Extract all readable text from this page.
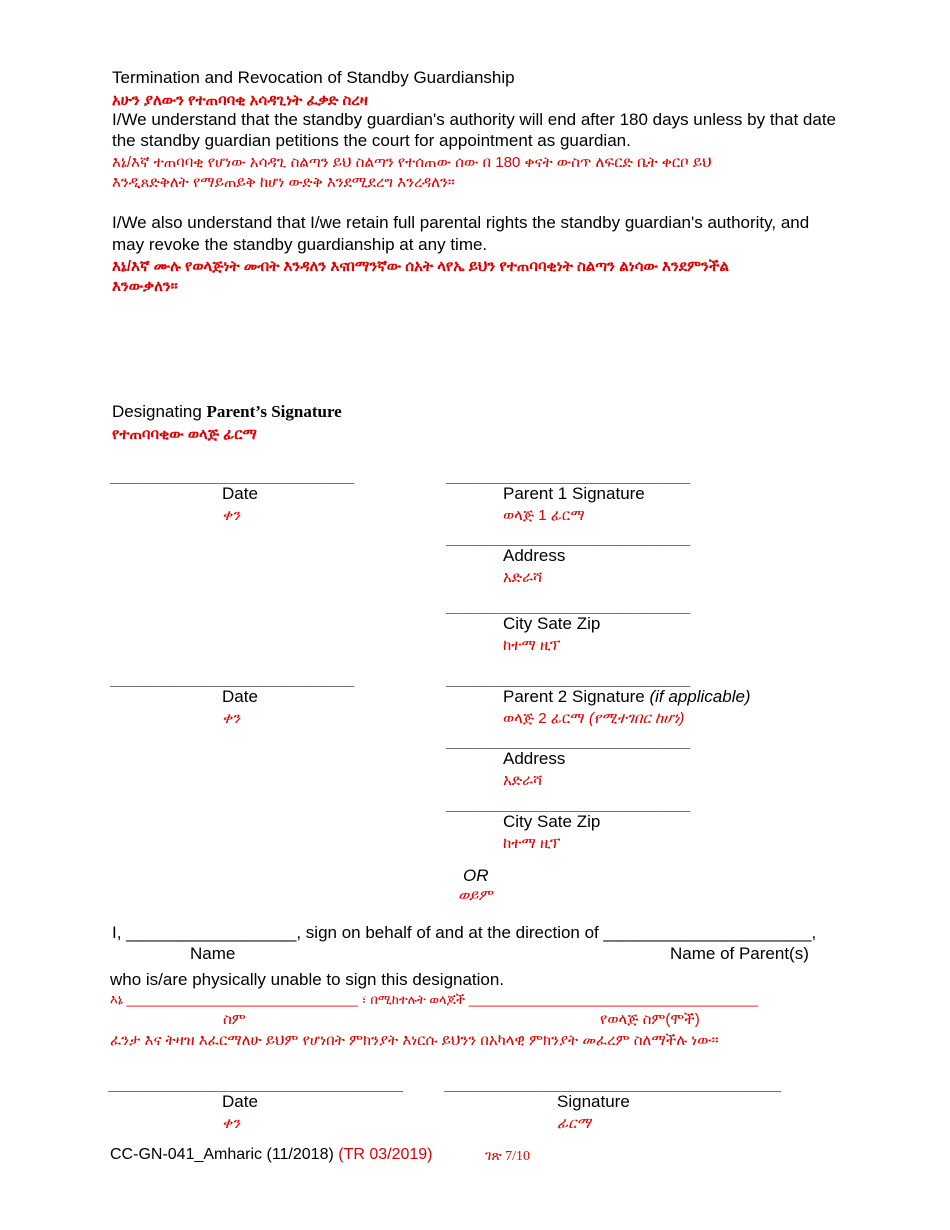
Termination and Revocation of Standby Guardianship
አሁን ያለውን የተጠባባቂ አሳዳጊነት ፈቃድ ስረዛ
I/We understand that the standby guardian's authority will end after 180 days unless by that date
the standby guardian petitions the court for appointment as guardian.
እኔ/እኛ ተጠባባቂ የሆነው አሳዳጊ ስልጣን ይህ ስልጣን የተሰጠው ሰው በ 180 ቀናት ውስጥ ለፍርድ ቤት ቀርቦ ይህ
እንዲጸድቅለት የማይጠይቅ ከሆነ ውድቅ እንደሚደረግ እንረዳለን።
I/We also understand that I/we retain full parental rights the standby guardian's authority, and
may revoke the standby guardianship at any time.
እኔ/እኛ ሙሉ የወላጅነት መብት እንዳለን እናበማንኛው ሰአት ላየኤ ይህን የተጠባባቂነት ስልጣን ልነሳው እንደምንችል
እንውቃለን።
Designating Parent’s Signature
የተጠባባቂው ወላጅ ፊርማ
_____________________________
Date
ቀን
_____________________________
Parent 1 Signature
ወላጅ 1 ፊርማ
_____________________________
Address
አድራሻ
_____________________________
City Sate Zip
ከተማ ዚፕ
_____________________________
Date
ቀን
_____________________________
Parent 2 Signature (if applicable)
ወላጅ 2 ፊርማ (የሚተገበር ከሆነ)
_____________________________
Address
አድራሻ
_____________________________
City Sate Zip
ከተማ ዚፕ
OR
ወይም
I, __________________, sign on behalf of and at the direction of ______________________,
Name	Name of Parent(s)
who is/are physically unable to sign this designation.
እኔ ________________________________ ፣ በሚከተሉት ወላጆች ________________________________________
ስም	የወላጅ ስም(ሞች)
ፈንታ እና ትዛዝ እፈርማለሁ ይህም የሆነበት ምክንያት እነርሱ ይህንን በአካላዊ ምክንያት መፈረም ስለማችሉ ነው።
___________________________________
Date
ቀን
________________________________________
Signature
ፊርማ
CC-GN-041_Amharic (11/2018) (TR 03/2019)	ገጽ 7/10
